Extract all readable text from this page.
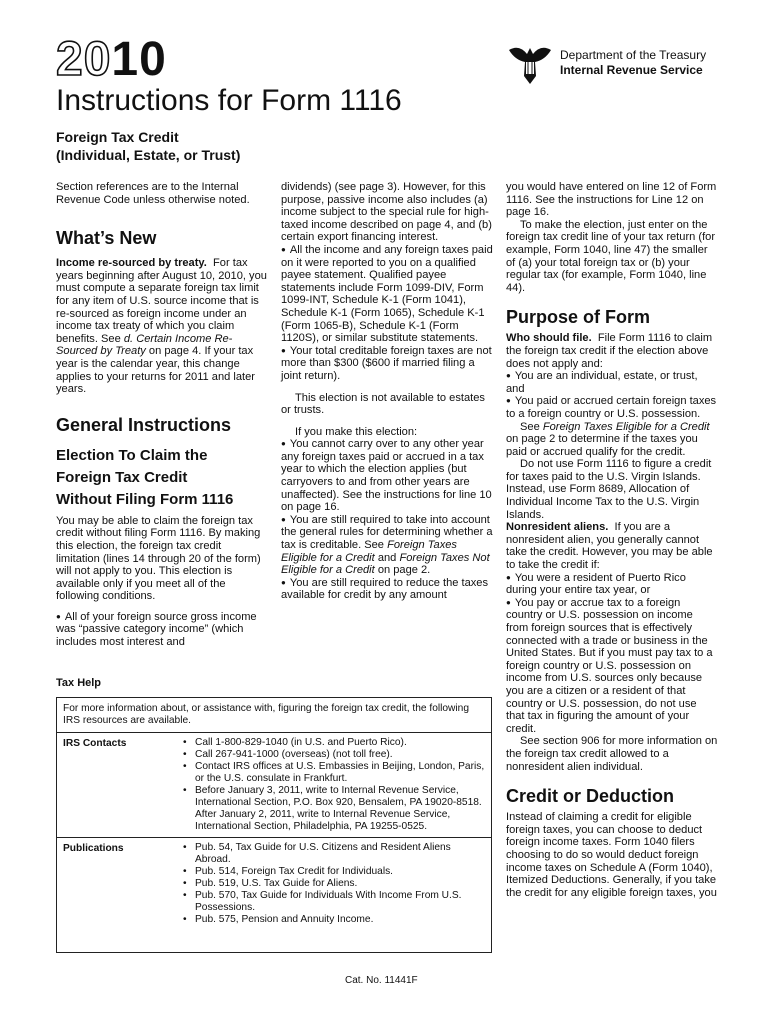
2010
Instructions for Form 1116
Foreign Tax Credit
(Individual, Estate, or Trust)
Department of the Treasury
Internal Revenue Service

Section references are to the Internal Revenue Code unless otherwise noted.

What’s New

Income re-sourced by treaty. For tax years beginning after August 10, 2010, you must compute a separate foreign tax limit for any item of U.S. source income that is re-sourced as foreign income under an income tax treaty of which you claim benefits. See d. Certain Income Re-Sourced by Treaty on page 4. If your tax year is the calendar year, this change applies to your returns for 2011 and later years.

General Instructions
Election To Claim the
Foreign Tax Credit
Without Filing Form 1116

You may be able to claim the foreign tax credit without filing Form 1116. By making this election, the foreign tax credit limitation (lines 14 through 20 of the form) will not apply to you. This election is available only if you meet all of the following conditions.

● All of your foreign source gross income was “passive category income” (which includes most interest and

dividends) (see page 3). However, for this purpose, passive income also includes (a) income subject to the special rule for high-taxed income described on page 4, and (b) certain export financing interest.

● All the income and any foreign taxes paid on it were reported to you on a qualified payee statement. Qualified payee statements include Form 1099-DIV, Form 1099-INT, Schedule K-1 (Form 1041), Schedule K-1 (Form 1065), Schedule K-1 (Form 1065-B), Schedule K-1 (Form 1120S), or similar substitute statements.

● Your total creditable foreign taxes are not more than $300 ($600 if married filing a joint return).

This election is not available to estates or trusts.

If you make this election:

● You cannot carry over to any other year any foreign taxes paid or accrued in a tax year to which the election applies (but carryovers to and from other years are unaffected). See the instructions for line 10 on page 16.

● You are still required to take into account the general rules for determining whether a tax is creditable. See Foreign Taxes Eligible for a Credit and Foreign Taxes Not Eligible for a Credit on page 2.

● You are still required to reduce the taxes available for credit by any amount

you would have entered on line 12 of Form 1116. See the instructions for Line 12 on page 16.

To make the election, just enter on the foreign tax credit line of your tax return (for example, Form 1040, line 47) the smaller of (a) your total foreign tax or (b) your regular tax (for example, Form 1040, line 44).

Purpose of Form

Who should file. File Form 1116 to claim the foreign tax credit if the election above does not apply and:

● You are an individual, estate, or trust, and

● You paid or accrued certain foreign taxes to a foreign country or U.S. possession.

See Foreign Taxes Eligible for a Credit on page 2 to determine if the taxes you paid or accrued qualify for the credit.

Do not use Form 1116 to figure a credit for taxes paid to the U.S. Virgin Islands. Instead, use Form 8689, Allocation of Individual Income Tax to the U.S. Virgin Islands.

Nonresident aliens. If you are a nonresident alien, you generally cannot take the credit. However, you may be able to take the credit if:

● You were a resident of Puerto Rico during your entire tax year, or

● You pay or accrue tax to a foreign country or U.S. possession on income from foreign sources that is effectively connected with a trade or business in the United States. But if you must pay tax to a foreign country or U.S. possession on income from U.S. sources only because you are a citizen or a resident of that country or U.S. possession, do not use that tax in figuring the amount of your credit.

See section 906 for more information on the foreign tax credit allowed to a nonresident alien individual.

Credit or Deduction

Instead of claiming a credit for eligible foreign taxes, you can choose to deduct foreign income taxes. Form 1040 filers choosing to do so would deduct foreign income taxes on Schedule A (Form 1040), Itemized Deductions. Generally, if you take the credit for any eligible foreign taxes, you

Tax Help
For more information about, or assistance with, figuring the foreign tax credit, the following IRS resources are available.
IRS Contacts	• Call 1-800-829-1040 (in U.S. and Puerto Rico).
• Call 267-941-1000 (overseas) (not toll free).
• Contact IRS offices at U.S. Embassies in Beijing, London, Paris, or the U.S. consulate in Frankfurt.
• Before January 3, 2011, write to Internal Revenue Service, International Section, P.O. Box 920, Bensalem, PA 19020-8518. After January 2, 2011, write to Internal Revenue Service, International Section, Philadelphia, PA 19255-0525.
Publications	• Pub. 54, Tax Guide for U.S. Citizens and Resident Aliens Abroad.
• Pub. 514, Foreign Tax Credit for Individuals.
• Pub. 519, U.S. Tax Guide for Aliens.
• Pub. 570, Tax Guide for Individuals With Income From U.S. Possessions.
• Pub. 575, Pension and Annuity Income.
Cat. No. 11441F
